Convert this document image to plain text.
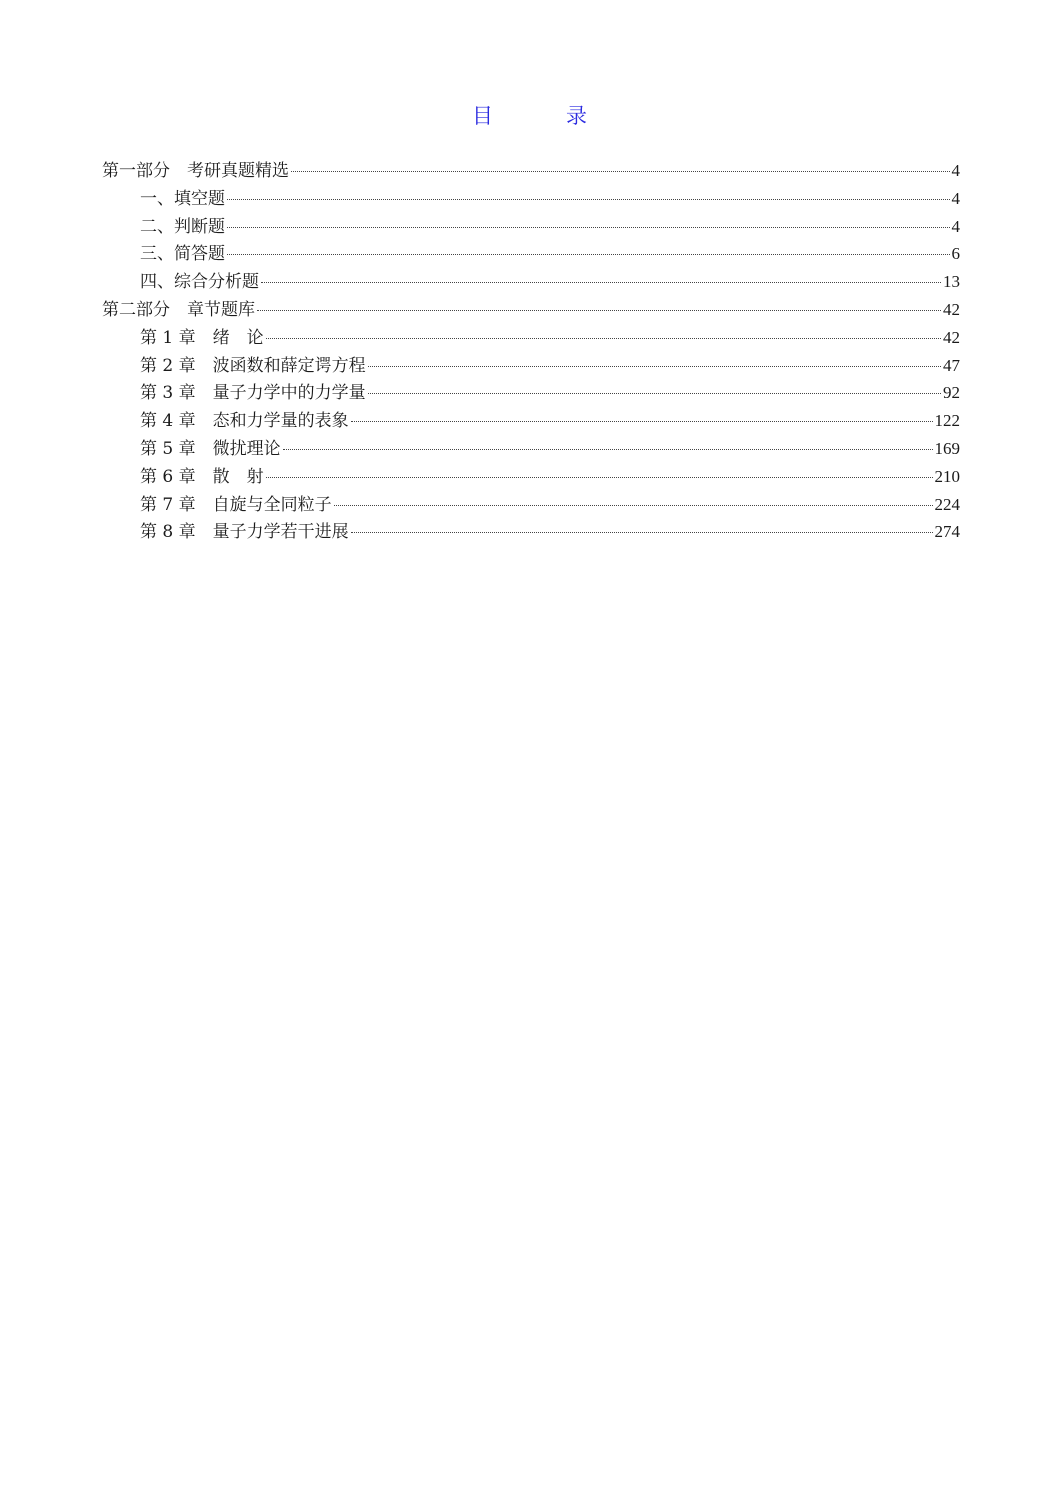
目　录
第一部分　考研真题精选	4
一、填空题	4
二、判断题	4
三、简答题	6
四、综合分析题	13
第二部分　章节题库	42
第 1 章　绪　论	42
第 2 章　波函数和薛定谔方程	47
第 3 章　量子力学中的力学量	92
第 4 章　态和力学量的表象	122
第 5 章　微扰理论	169
第 6 章　散　射	210
第 7 章　自旋与全同粒子	224
第 8 章　量子力学若干进展	274
